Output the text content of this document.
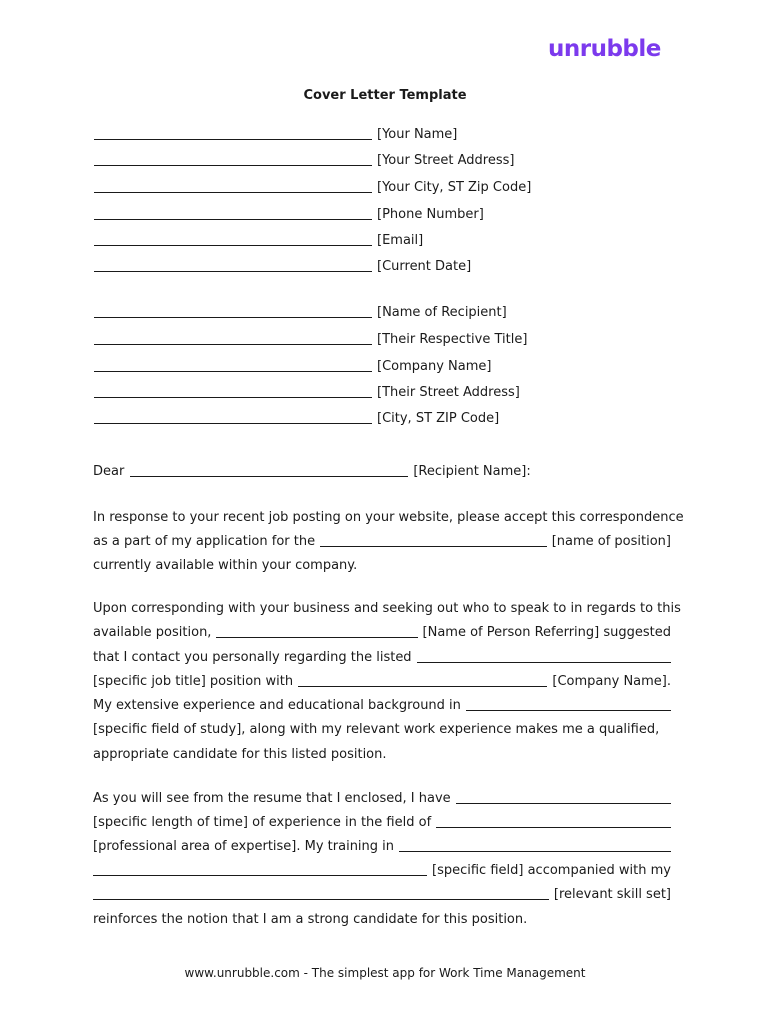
unrubble
Cover Letter Template
[Your Name]
[Your Street Address]
[Your City, ST Zip Code]
[Phone Number]
[Email]
[Current Date]
[Name of Recipient]
[Their Respective Title]
[Company Name]
[Their Street Address]
[City, ST ZIP Code]
Dear	[Recipient Name]:
In response to your recent job posting on your website, please accept this correspondence
as a part of my application for the	[name of position]
currently available within your company.
Upon corresponding with your business and seeking out who to speak to in regards to this
available position,	[Name of Person Referring] suggested
that I contact you personally regarding the listed
[specific job title] position with	[Company Name].
My extensive experience and educational background in
[specific field of study], along with my relevant work experience makes me a qualified,
appropriate candidate for this listed position.
As you will see from the resume that I enclosed, I have
[specific length of time] of experience in the field of
[professional area of expertise]. My training in
[specific field] accompanied with my
[relevant skill set]
reinforces the notion that I am a strong candidate for this position.
www.unrubble.com - The simplest app for Work Time Management
